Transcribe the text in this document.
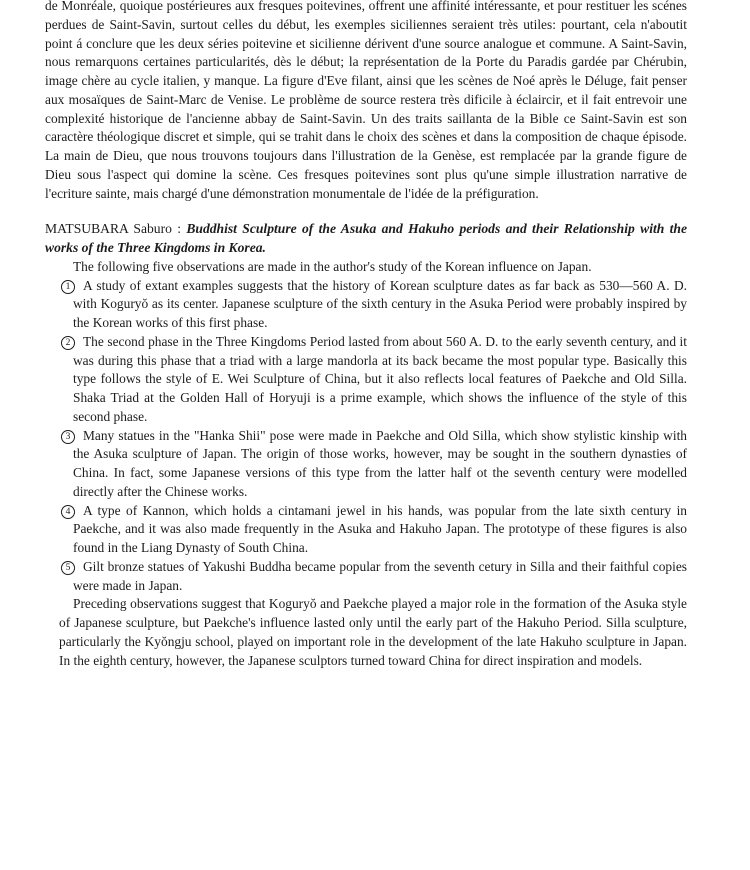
de Monréale, quoique postérieures aux fresques poitevines, offrent une affinité intéressante, et pour restituer les scénes perdues de Saint-Savin, surtout celles du début, les exemples siciliennes seraient très utiles: pourtant, cela n'aboutit point á conclure que les deux séries poitevine et sicilienne dérivent d'une source analogue et commune. A Saint-Savin, nous remarquons certaines particularités, dès le début; la représentation de la Porte du Paradis gardée par Chérubin, image chère au cycle italien, y manque. La figure d'Eve filant, ainsi que les scènes de Noé après le Déluge, fait penser aux mosaïques de Saint-Marc de Venise. Le problème de source restera très dificile à éclaircir, et il fait entrevoir une complexité historique de l'ancienne abbay de Saint-Savin. Un des traits saillanta de la Bible ce Saint-Savin est son caractère théologique discret et simple, qui se trahit dans le choix des scènes et dans la composition de chaque épisode. La main de Dieu, que nous trouvons toujours dans l'illustration de la Genèse, est remplacée par la grande figure de Dieu sous l'aspect qui domine la scène. Ces fresques poitevines sont plus qu'une simple illustration narrative de l'ecriture sainte, mais chargé d'une démonstration monumentale de l'idée de la préfiguration.

MATSUBARA Saburo : Buddhist Sculpture of the Asuka and Hakuho periods and their Relationship with the works of the Three Kingdoms in Korea.

The following five observations are made in the author's study of the Korean influence on Japan.

1 A study of extant examples suggests that the history of Korean sculpture dates as far back as 530—560 A. D. with Koguryŏ as its center. Japanese sculpture of the sixth century in the Asuka Period were probably inspired by the Korean works of this first phase.

2 The second phase in the Three Kingdoms Period lasted from about 560 A. D. to the early seventh century, and it was during this phase that a triad with a large mandorla at its back became the most popular type. Basically this type follows the style of E. Wei Sculpture of China, but it also reflects local features of Paekche and Old Silla. Shaka Triad at the Golden Hall of Horyuji is a prime example, which shows the influence of the style of this second phase.

3 Many statues in the "Hanka Shii" pose were made in Paekche and Old Silla, which show stylistic kinship with the Asuka sculpture of Japan. The origin of those works, however, may be sought in the southern dynasties of China. In fact, some Japanese versions of this type from the latter half ot the seventh century were modelled directly after the Chinese works.

4 A type of Kannon, which holds a cintamani jewel in his hands, was popular from the late sixth century in Paekche, and it was also made frequently in the Asuka and Hakuho Japan. The prototype of these figures is also found in the Liang Dynasty of South China.

5 Gilt bronze statues of Yakushi Buddha became popular from the seventh cetury in Silla and their faithful copies were made in Japan.

Preceding observations suggest that Koguryŏ and Paekche played a major role in the formation of the Asuka style of Japanese sculpture, but Paekche's influence lasted only until the early part of the Hakuho Period. Silla sculpture, particularly the Kyŏngju school, played on important role in the development of the late Hakuho sculpture in Japan. In the eighth century, however, the Japanese sculptors turned toward China for direct inspiration and models.
